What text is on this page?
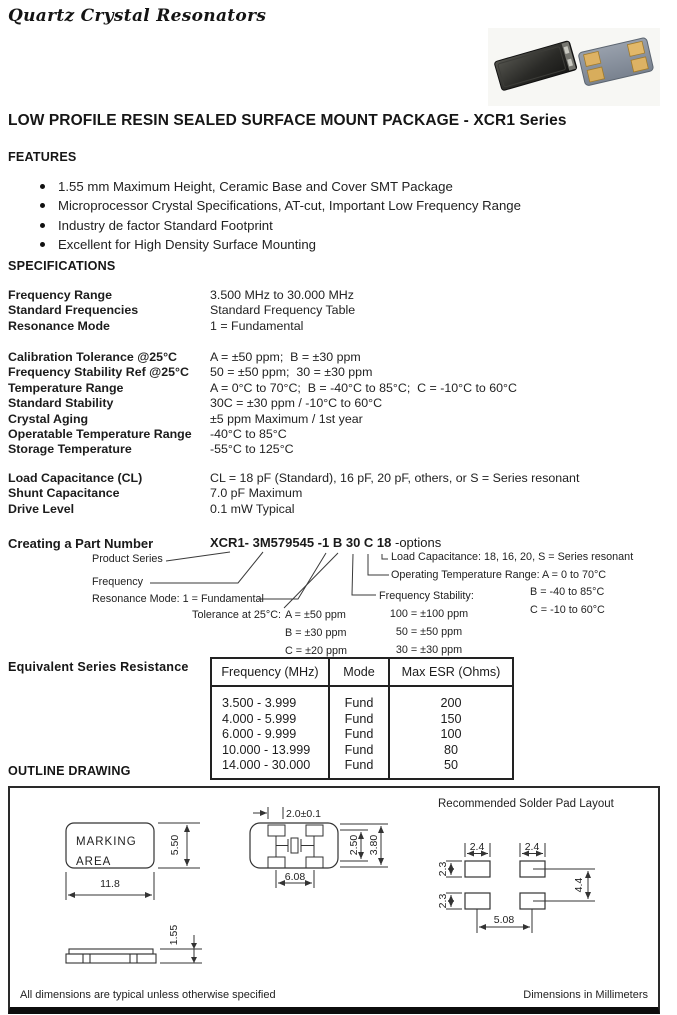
Quartz Crystal Resonators
LOW PROFILE RESIN SEALED SURFACE MOUNT PACKAGE - XCR1 Series
FEATURES
1.55 mm Maximum Height, Ceramic Base and Cover SMT Package
Microprocessor Crystal Specifications, AT-cut, Important Low Frequency Range
Industry de factor Standard Footprint
Excellent for High Density Surface Mounting
SPECIFICATIONS
Frequency Range	3.500 MHz to 30.000 MHz
Standard Frequencies	Standard Frequency Table
Resonance Mode	1 = Fundamental
Calibration Tolerance @25°C	A = ±50 ppm;  B = ±30 ppm
Frequency Stability Ref @25°C	50 = ±50 ppm;  30 = ±30 ppm
Temperature Range	A = 0°C to 70°C;  B = -40°C to 85°C;  C = -10°C to 60°C
Standard Stability	30C = ±30 ppm / -10°C to 60°C
Crystal Aging	±5 ppm Maximum / 1st year
Operatable Temperature Range	-40°C to 85°C
Storage Temperature	-55°C to 125°C
Load Capacitance (CL)	CL = 18 pF (Standard), 16 pF, 20 pF, others, or S = Series resonant
Shunt Capacitance	7.0 pF Maximum
Drive Level	0.1 mW Typical
Creating a Part Number	XCR1- 3M579545 -1 B 30 C 18 -options
Product Series
Frequency
Resonance Mode: 1 = Fundamental
Tolerance at 25°C: A = ±50 ppm
B = ±30 ppm
C = ±20 ppm
Frequency Stability:
100 = ±100 ppm
50 = ±50 ppm
30 = ±30 ppm
Operating Temperature Range: A = 0 to 70°C
B = -40 to 85°C
C = -10 to 60°C
Load Capacitance: 18, 16, 20, S = Series resonant
Equivalent Series Resistance	Frequency (MHz)	Mode	Max ESR (Ohms)
3.500 - 3.999	Fund	200
4.000 - 5.999	Fund	150
6.000 - 9.999	Fund	100
10.000 - 13.999	Fund	80
14.000 - 30.000	Fund	50
OUTLINE DRAWING
MARKING
AREA
5.50
11.8
2.0±0.1
6.08
2.50 3.80
Recommended Solder Pad Layout
2.4	2.4
2.3
2.3
4.4
5.08
1.55
All dimensions are typical unless otherwise specified	Dimensions in Millimeters
